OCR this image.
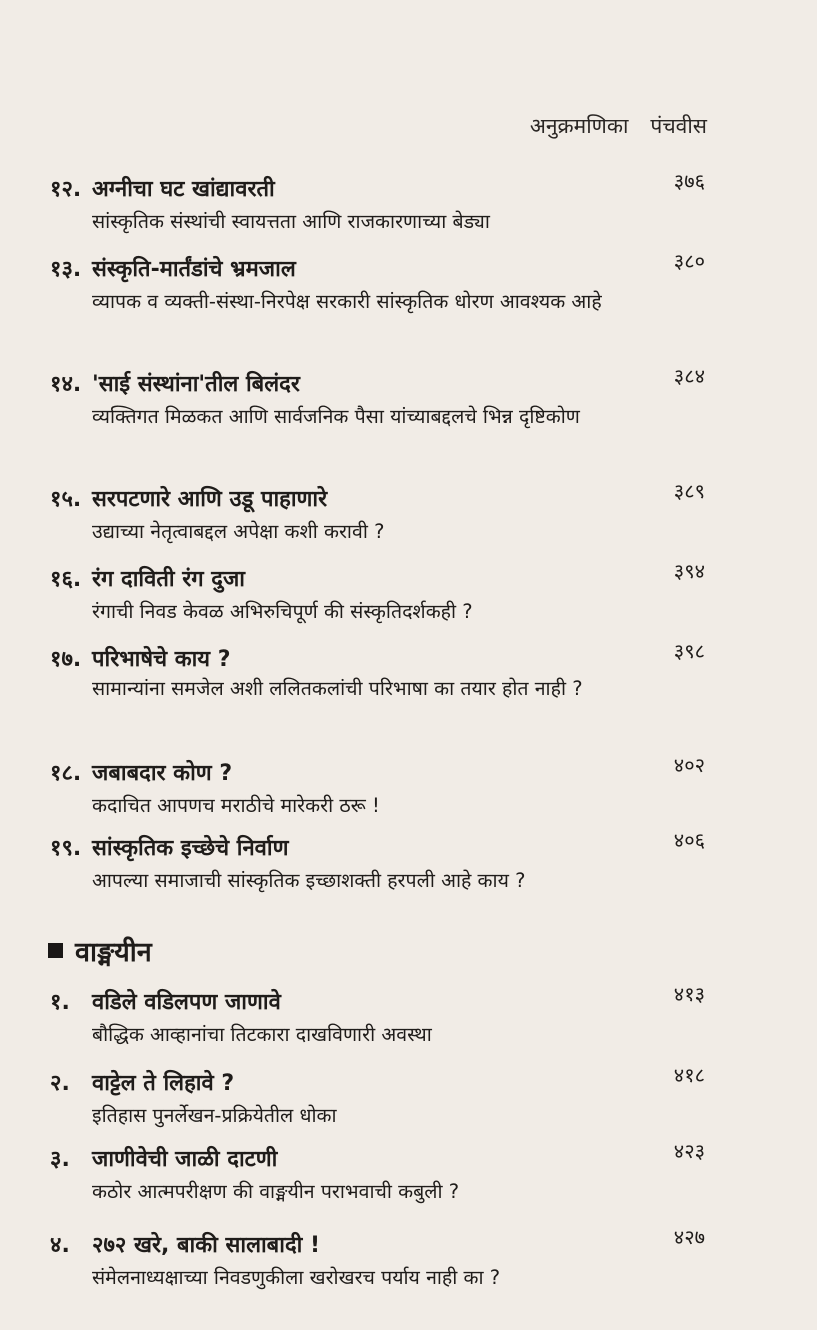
अनुक्रमणिका पंचवीस
१२. अग्नीचा घट खांद्यावरती	३७६
सांस्कृतिक संस्थांची स्वायत्तता आणि राजकारणाच्या बेड्या
१३. संस्कृति-मार्तंडांचे भ्रमजाल	३८०
व्यापक व व्यक्ती-संस्था-निरपेक्ष सरकारी सांस्कृतिक धोरण आवश्यक आहे
१४. 'साई संस्थांना'तील बिलंदर	३८४
व्यक्तिगत मिळकत आणि सार्वजनिक पैसा यांच्याबद्दलचे भिन्न दृष्टिकोण
१५. सरपटणारे आणि उडू पाहाणारे	३८९
उद्याच्या नेतृत्वाबद्दल अपेक्षा कशी करावी ?
१६. रंग दाविती रंग दुजा	३९४
रंगाची निवड केवळ अभिरुचिपूर्ण की संस्कृतिदर्शकही ?
१७. परिभाषेचे काय ?	३९८
सामान्यांना समजेल अशी ललितकलांची परिभाषा का तयार होत नाही ?
१८. जबाबदार कोण ?	४०२
कदाचित आपणच मराठीचे मारेकरी ठरू !
१९. सांस्कृतिक इच्छेचे निर्वाण	४०६
आपल्या समाजाची सांस्कृतिक इच्छाशक्ती हरपली आहे काय ?
वाङ्मयीन
१. वडिले वडिलपण जाणावे	४१३
बौद्धिक आव्हानांचा तिटकारा दाखविणारी अवस्था
२. वाट्टेल ते लिहावे ?	४१८
इतिहास पुनर्लेखन-प्रक्रियेतील धोका
३. जाणीवेची जाळी दाटणी	४२३
कठोर आत्मपरीक्षण की वाङ्मयीन पराभवाची कबुली ?
४. २७२ खरे, बाकी सालाबादी !	४२७
संमेलनाध्यक्षाच्या निवडणुकीला खरोखरच पर्याय नाही का ?
